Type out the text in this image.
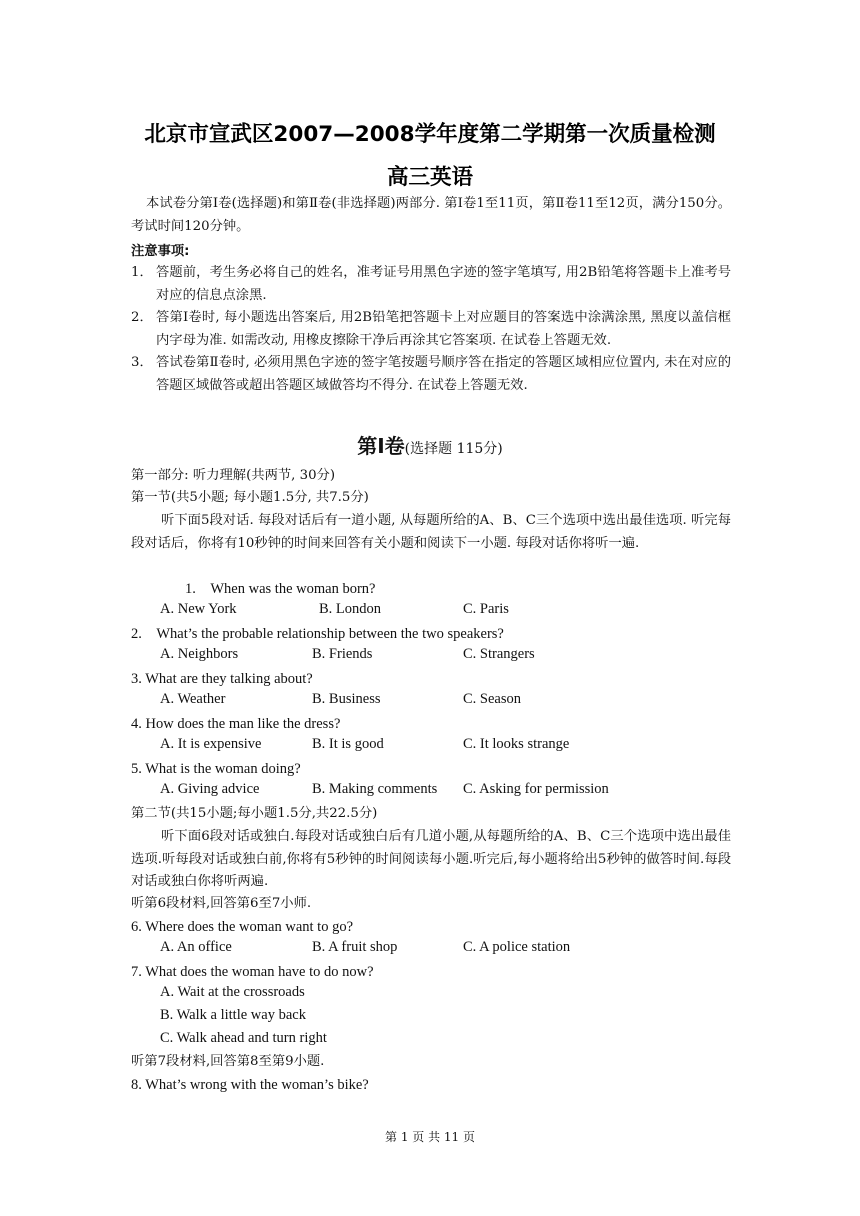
北京市宣武区2007—2008学年度第二学期第一次质量检测
高三英语

本试卷分第Ⅰ卷(选择题)和第Ⅱ卷(非选择题)两部分. 第Ⅰ卷1至11页，第Ⅱ卷11至12页，满分150分。考试时间120分钟。

注意事项:
1． 答题前，考生务必将自己的姓名，准考证号用黑色字迹的签字笔填写, 用2B铅笔将答题卡上准考号对应的信息点涂黑.
2． 答第Ⅰ卷时, 每小题选出答案后, 用2B铅笔把答题卡上对应题目的答案选中涂满涂黑, 黑度以盖信框内字母为准. 如需改动, 用橡皮擦除干净后再涂其它答案项. 在试卷上答题无效.
3． 答试卷第Ⅱ卷时, 必须用黑色字迹的签字笔按题号顺序答在指定的答题区域相应位置内, 未在对应的答题区域做答或超出答题区域做答均不得分. 在试卷上答题无效.
第Ⅰ卷(选择题 115分)
第一部分: 听力理解(共两节, 30分)
第一节(共5小题; 每小题1.5分, 共7.5分)

听下面5段对话. 每段对话后有一道小题, 从每题所给的A、B、C三个选项中选出最佳选项. 听完每段对话后，你将有10秒钟的时间来回答有关小题和阅读下一小题. 每段对话你将听一遍.

1.　When was the woman born?
A. New York	B. London	C. Paris
2.　What’s the probable relationship between the two speakers?
A. Neighbors	B. Friends	C. Strangers
3. What are they talking about?
A. Weather	B. Business	C. Season
4. How does the man like the dress?
A. It is expensive	B. It is good	C. It looks strange
5. What is the woman doing?
A. Giving advice	B. Making comments C. Asking for permission
第二节(共15小题;每小题1.5分,共22.5分)

听下面6段对话或独白.每段对话或独白后有几道小题,从每题所给的A、B、C三个选项中选出最佳选项.听每段对话或独白前,你将有5秒钟的时间阅读每小题.听完后,每小题将给出5秒钟的做答时间.每段对话或独白你将听两遍.

听第6段材料,回答第6至7小师.
6. Where does the woman want to go?
A. An office	B. A fruit shop	C. A police station
7. What does the woman have to do now?
A. Wait at the crossroads
B. Walk a little way back
C. Walk ahead and turn right
听第7段材料,回答第8至第9小题.
8. What’s wrong with the woman’s bike?
第 1 页 共 11 页
